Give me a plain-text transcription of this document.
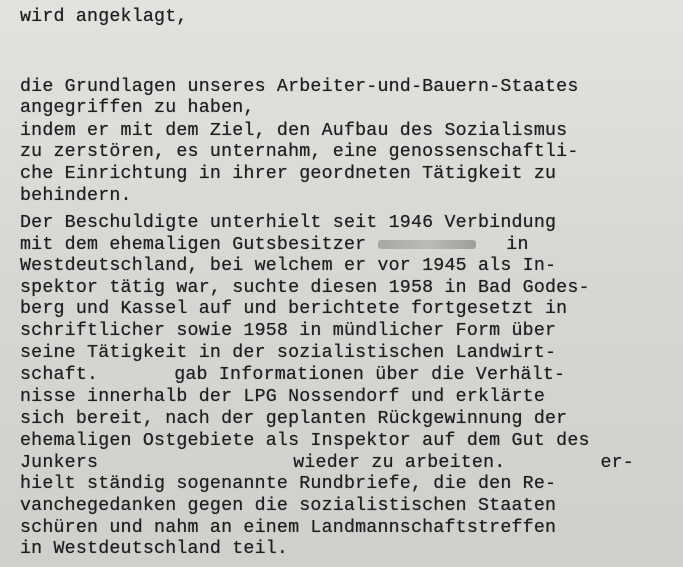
wird angeklagt,
die Grundlagen unseres Arbeiter-und-Bauern-Staates
angegriffen zu haben,
indem er mit dem Ziel, den Aufbau des Sozialismus
zu zerstören, es unternahm, eine genossenschaftli-
che Einrichtung in ihrer geordneten Tätigkeit zu
behindern.
Der Beschuldigte unterhielt seit 1946 Verbindung
mit dem ehemaligen Gutsbesitzer	in
Westdeutschland, bei welchem er vor 1945 als In-
spektor tätig war, suchte diesen 1958 in Bad Godes-
berg und Kassel auf und berichtete fortgesetzt in
schriftlicher sowie 1958 in mündlicher Form über
seine Tätigkeit in der sozialistischen Landwirt-
schaft.	gab Informationen über die Verhält-
nisse innerhalb der LPG Nossendorf und erklärte
sich bereit, nach der geplanten Rückgewinnung der
ehemaligen Ostgebiete als Inspektor auf dem Gut des
Junkers	wieder zu arbeiten.	er-
hielt ständig sogenannte Rundbriefe, die den Re-
vanchegedanken gegen die sozialistischen Staaten
schüren und nahm an einem Landmannschaftstreffen
in Westdeutschland teil.
